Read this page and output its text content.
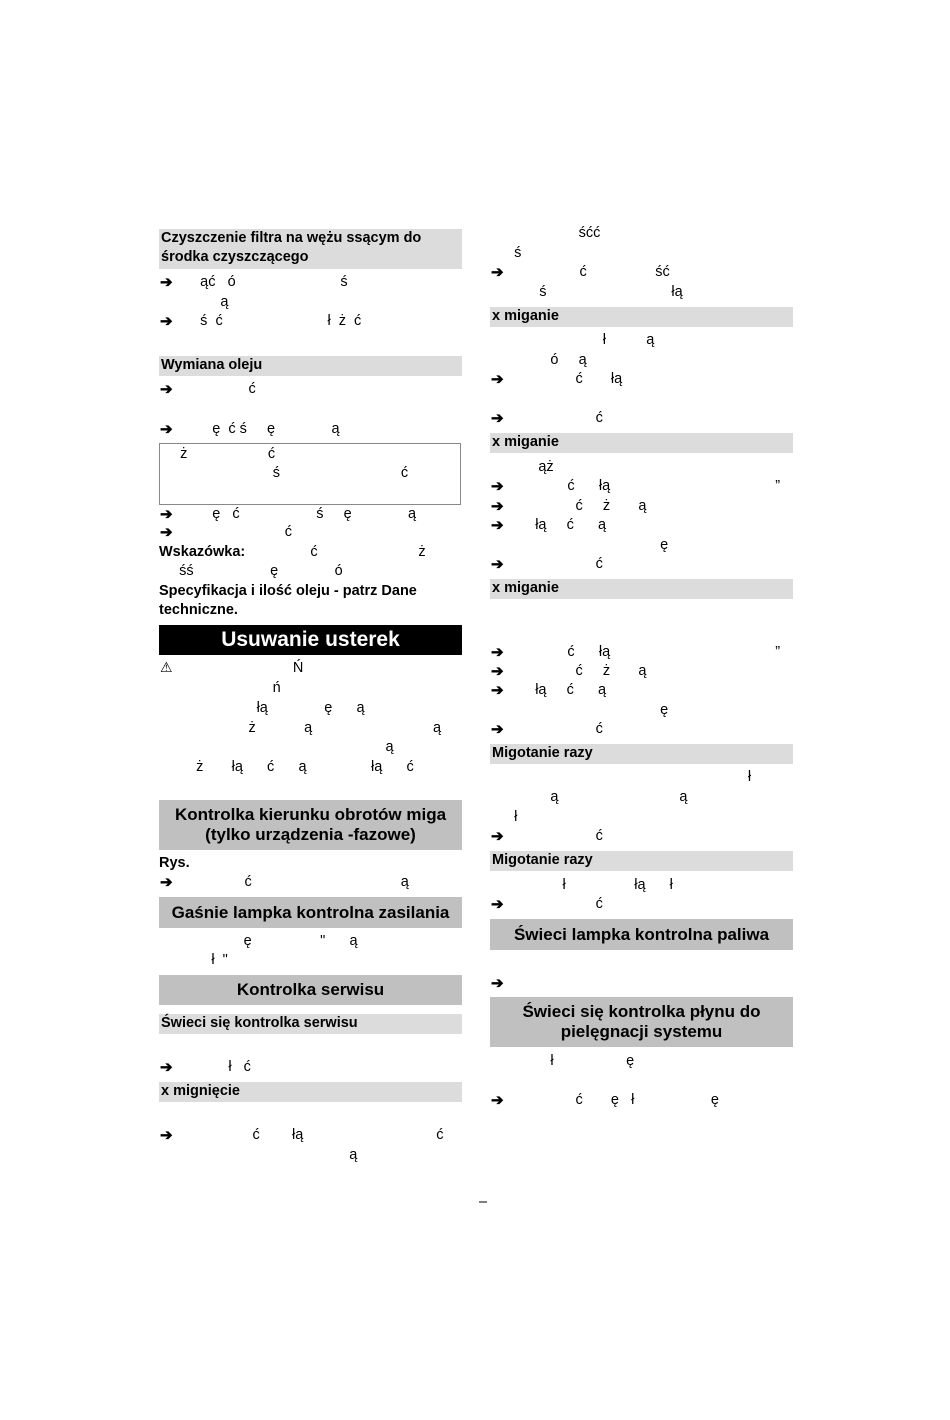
Czyszczenie filtra na wężu ssącym do środka czyszczącego
➔ ąć   ó                          ś
ą
➔ ś  ć                          ł  ż  ć
Wymiana oleju
➔ ć
➔ ę  ć ś     ę              ą
ż                    ć
ś                              ć
➔ ę   ć                   ś     ę              ą
➔ ć
Wskazówka: ć                         ż
śś                   ę              ó
Specyfikacja i ilość oleju - patrz Dane techniczne.
Usuwanie usterek
⚠ Ń
ń
łą              ę      ą
ż            ą                              ą
ą
ż       łą      ć      ą                łą      ć
Kontrolka kierunku obrotów miga (tylko urządzenia -fazowe)
Rys.
➔ ć                                     ą
Gaśnie lampka kontrolna zasilania
ę                 "      ą
ł  "
Kontrolka serwisu
Świeci się kontrolka serwisu
➔ ł   ć
x mignięcie
➔ ć        łą                                 ć
ą
śćć
ś
➔ ć                 ść
ś                               łą
x miganie
ł          ą
ó     ą
➔ ć       łą
➔ ć
x miganie
ąż
➔ ć      łą                                         ”
➔ ć     ż       ą
➔ łą     ć      ą
ę
➔ ć
x miganie
➔ ć      łą                                         ”
➔ ć     ż       ą
➔ łą     ć      ą
ę
➔ ć
Migotanie razy
ł
ą                              ą
ł
➔ ć
Migotanie razy
ł                 łą      ł
➔ ć
Świeci lampka kontrolna paliwa
➔
Świeci się kontrolka płynu do pielęgnacji systemu
ł                  ę
➔ ć       ę   ł                   ę
–
